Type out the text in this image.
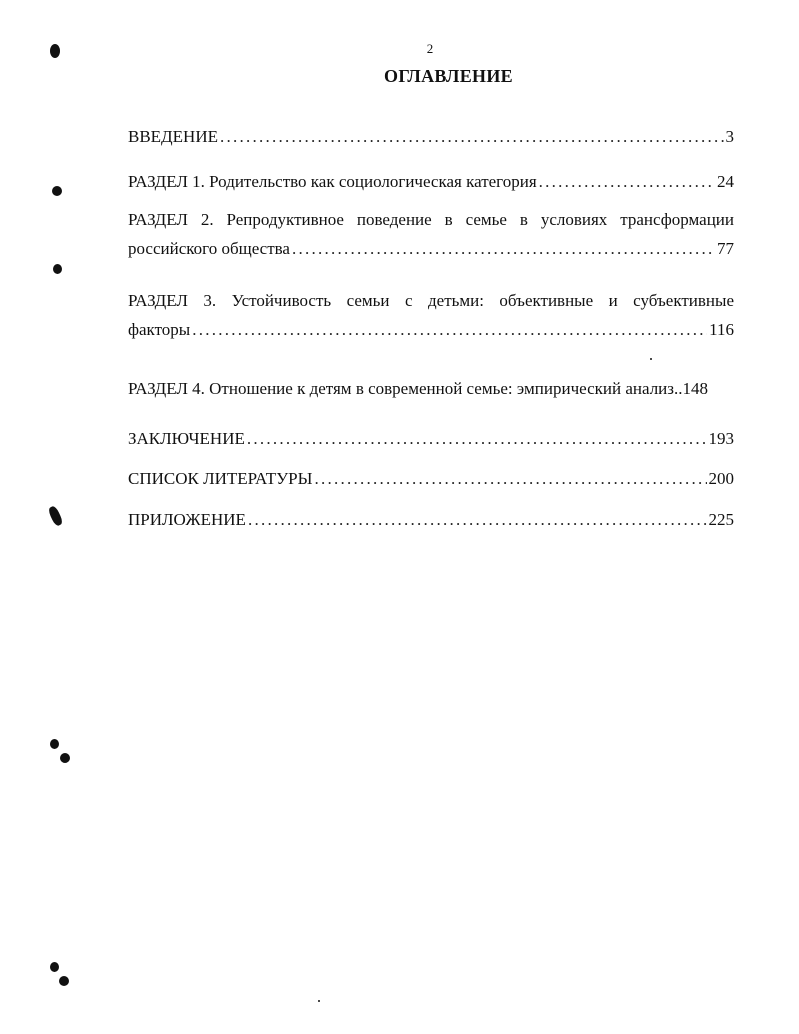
2
ОГЛАВЛЕНИЕ
ВВЕДЕНИЕ . . .	3
РАЗДЕЛ 1. Родительство как социологическая категория . . .	24
РАЗДЕЛ 2. Репродуктивное поведение в семье в условиях трансформации
российского общества . . .	77
РАЗДЕЛ 3. Устойчивость семьи с детьми: объективные и субъективные
факторы . . .	116
РАЗДЕЛ 4. Отношение к детям в современной семье: эмпирический анализ..148
ЗАКЛЮЧЕНИЕ . . .	193
СПИСОК ЛИТЕРАТУРЫ . . .	200
ПРИЛОЖЕНИЕ . . .	225
